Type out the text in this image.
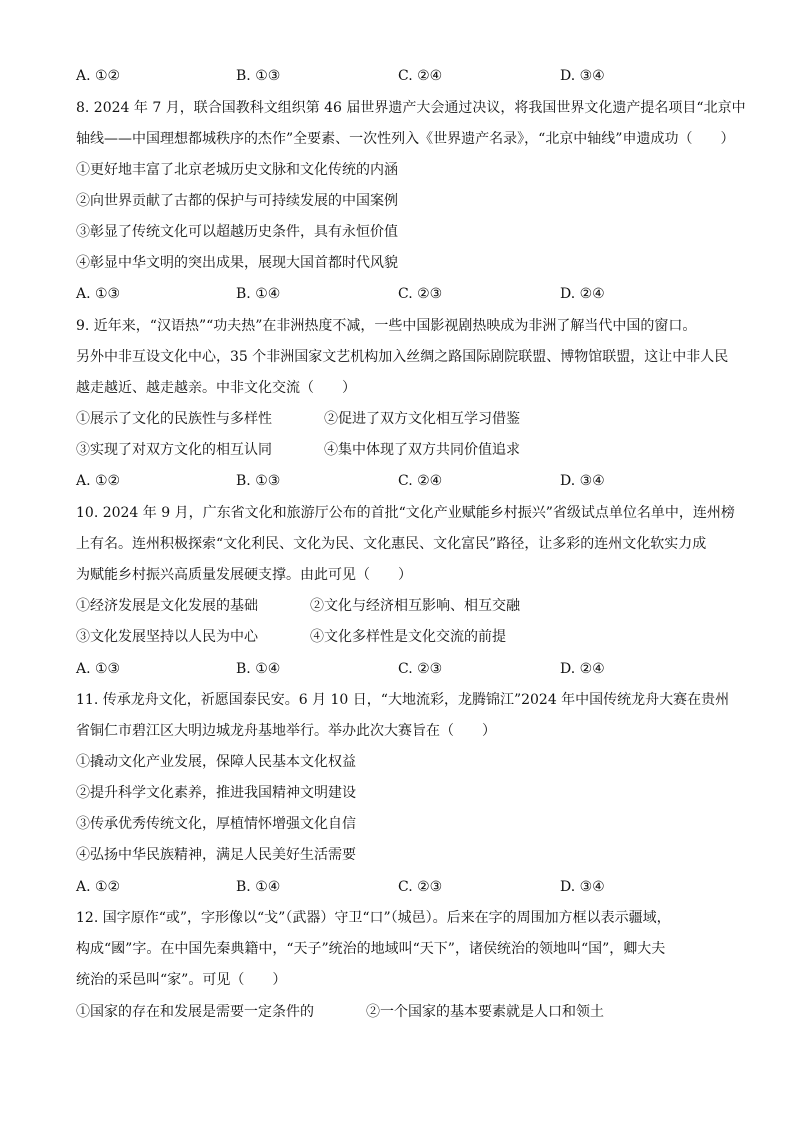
A. ①②	B. ①③	C. ②④	D. ③④
8. 2024 年 7 月，联合国教科文组织第 46 届世界遗产大会通过决议，将我国世界文化遗产提名项目“北京中
轴线——中国理想都城秩序的杰作”全要素、一次性列入《世界遗产名录》，“北京中轴线”申遗成功（　　）
①更好地丰富了北京老城历史文脉和文化传统的内涵
②向世界贡献了古都的保护与可持续发展的中国案例
③彰显了传统文化可以超越历史条件，具有永恒价值
④彰显中华文明的突出成果，展现大国首都时代风貌
A. ①③	B. ①④	C. ②③	D. ②④
9. 近年来，“汉语热”“功夫热”在非洲热度不减，一些中国影视剧热映成为非洲了解当代中国的窗口。
另外中非互设文化中心，35 个非洲国家文艺机构加入丝绸之路国际剧院联盟、博物馆联盟，这让中非人民
越走越近、越走越亲。中非文化交流（　　）
①展示了文化的民族性与多样性	②促进了双方文化相互学习借鉴
③实现了对双方文化的相互认同	④集中体现了双方共同价值追求
A. ①②	B. ①③	C. ②④	D. ③④
10. 2024 年 9 月，广东省文化和旅游厅公布的首批“文化产业赋能乡村振兴”省级试点单位名单中，连州榜
上有名。连州积极探索“文化利民、文化为民、文化惠民、文化富民”路径，让多彩的连州文化软实力成
为赋能乡村振兴高质量发展硬支撑。由此可见（　　）
①经济发展是文化发展的基础	②文化与经济相互影响、相互交融
③文化发展坚持以人民为中心	④文化多样性是文化交流的前提
A. ①③	B. ①④	C. ②③	D. ②④
11. 传承龙舟文化，祈愿国泰民安。6 月 10 日，“大地流彩，龙腾锦江”2024 年中国传统龙舟大赛在贵州
省铜仁市碧江区大明边城龙舟基地举行。举办此次大赛旨在（　　）
①撬动文化产业发展，保障人民基本文化权益
②提升科学文化素养，推进我国精神文明建设
③传承优秀传统文化，厚植情怀增强文化自信
④弘扬中华民族精神，满足人民美好生活需要
A. ①②	B. ①④	C. ②③	D. ③④
12. 国字原作“或”，字形像以“戈”（武器）守卫“口”（城邑）。后来在字的周围加方框以表示疆域，
构成“國”字。在中国先秦典籍中，“天子”统治的地域叫“天下”，诸侯统治的领地叫“国”，卿大夫
统治的采邑叫“家”。可见（　　）
①国家的存在和发展是需要一定条件的	②一个国家的基本要素就是人口和领土
